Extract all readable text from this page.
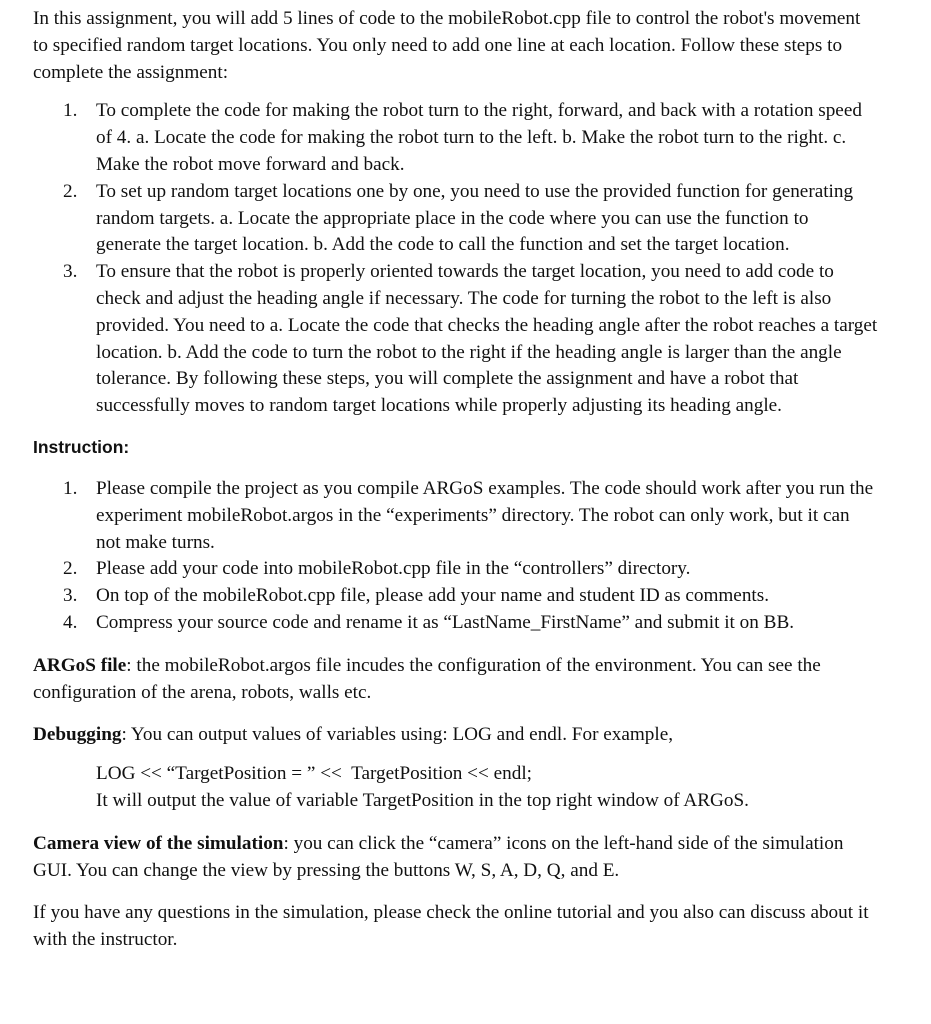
In this assignment, you will add 5 lines of code to the mobileRobot.cpp file to control the robot's movement to specified random target locations. You only need to add one line at each location. Follow these steps to complete the assignment:

1. To complete the code for making the robot turn to the right, forward, and back with a rotation speed of 4. a. Locate the code for making the robot turn to the left. b. Make the robot turn to the right. c. Make the robot move forward and back.
2. To set up random target locations one by one, you need to use the provided function for generating random targets. a. Locate the appropriate place in the code where you can use the function to generate the target location. b. Add the code to call the function and set the target location.
3. To ensure that the robot is properly oriented towards the target location, you need to add code to check and adjust the heading angle if necessary. The code for turning the robot to the left is also provided. You need to a. Locate the code that checks the heading angle after the robot reaches a target location. b. Add the code to turn the robot to the right if the heading angle is larger than the angle tolerance. By following these steps, you will complete the assignment and have a robot that successfully moves to random target locations while properly adjusting its heading angle.
Instruction:
1. Please compile the project as you compile ARGoS examples. The code should work after you run the experiment mobileRobot.argos in the “experiments” directory. The robot can only work, but it can not make turns.
2. Please add your code into mobileRobot.cpp file in the “controllers” directory.
3. On top of the mobileRobot.cpp file, please add your name and student ID as comments.
4. Compress your source code and rename it as “LastName_FirstName” and submit it on BB.

ARGoS file: the mobileRobot.argos file incudes the configuration of the environment. You can see the configuration of the arena, robots, walls etc.

Debugging: You can output values of variables using: LOG and endl. For example,

LOG << “TargetPosition = ” <<  TargetPosition << endl;
It will output the value of variable TargetPosition in the top right window of ARGoS.

Camera view of the simulation: you can click the “camera” icons on the left-hand side of the simulation GUI. You can change the view by pressing the buttons W, S, A, D, Q, and E.

If you have any questions in the simulation, please check the online tutorial and you also can discuss about it with the instructor.
